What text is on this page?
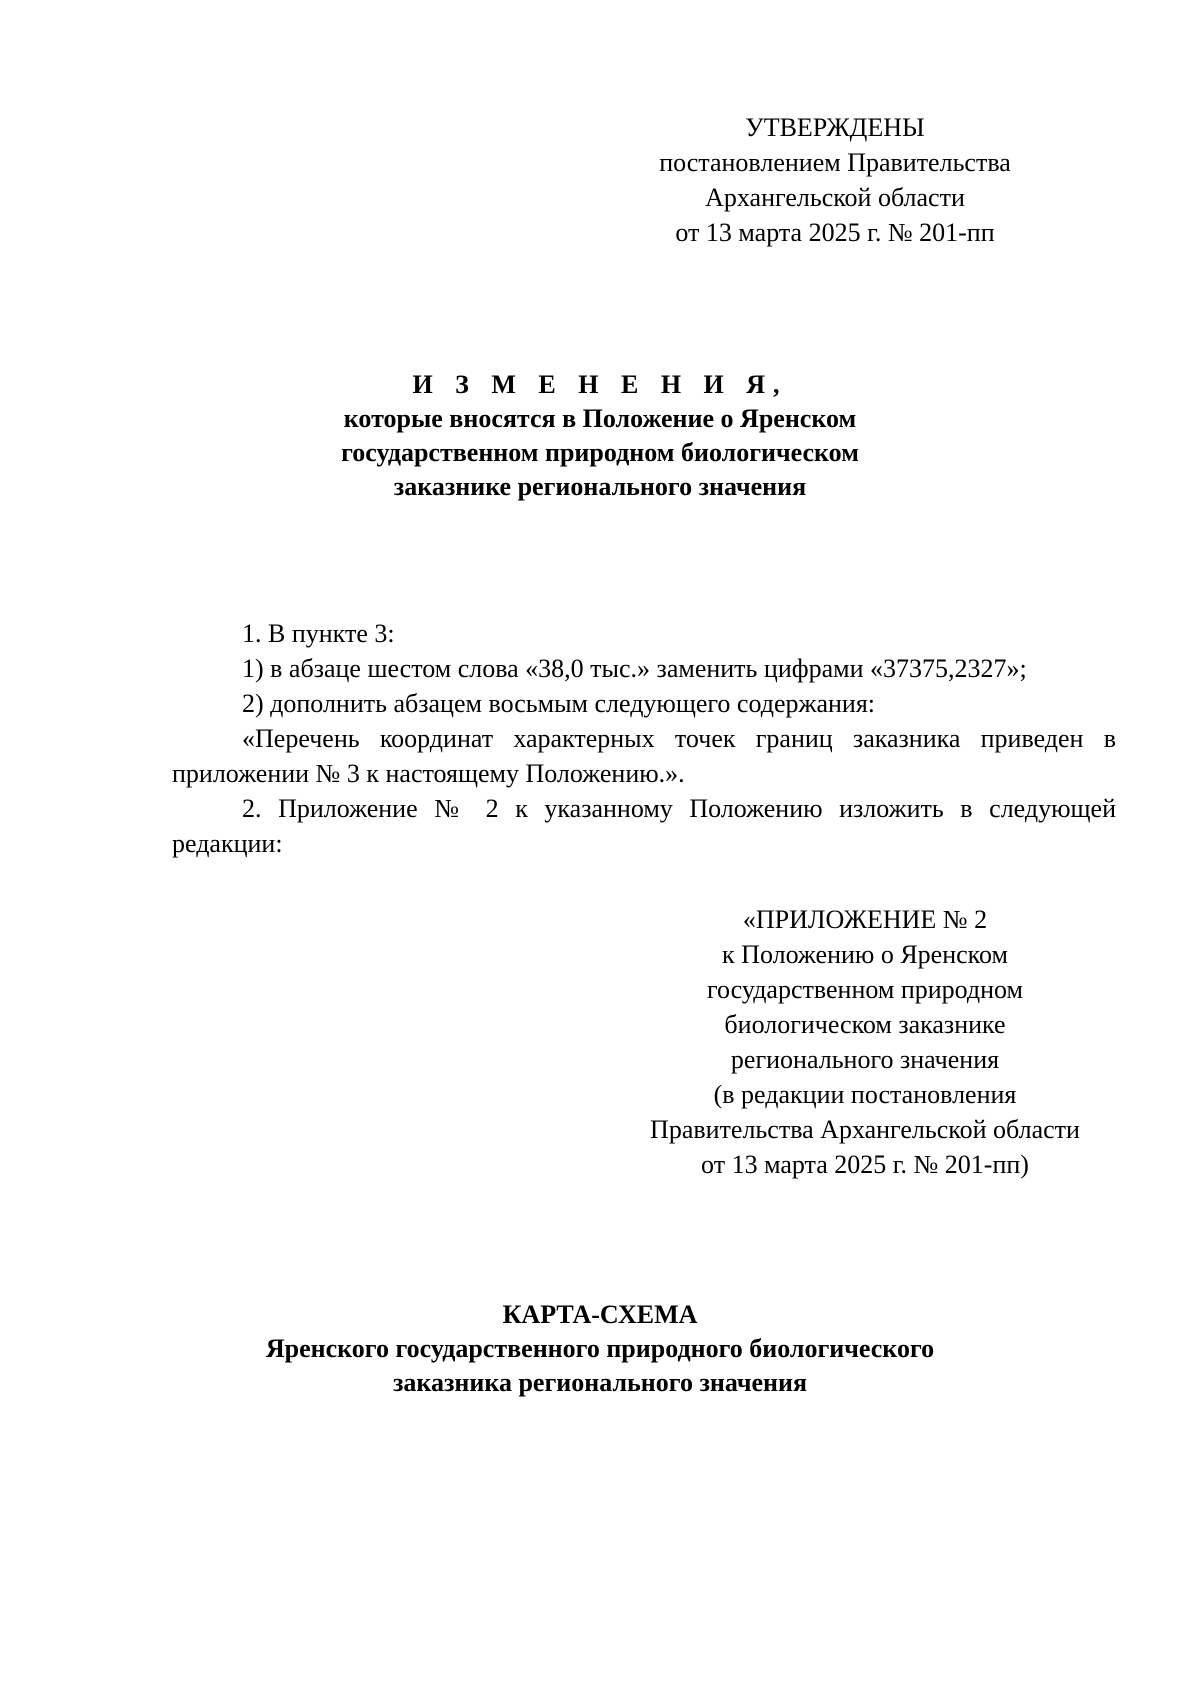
УТВЕРЖДЕНЫ
постановлением Правительства
Архангельской области
от 13 марта 2025 г. № 201-пп
И З М Е Н Е Н И Я,
которые вносятся в Положение о Яренском
государственном природном биологическом
заказнике регионального значения

1. В пункте 3:

1) в абзаце шестом слова «38,0 тыс.» заменить цифрами «37375,2327»;

2) дополнить абзацем восьмым следующего содержания:

«Перечень координат характерных точек границ заказника приведен в приложении № 3 к настоящему Положению.».

2. Приложение № 2 к указанному Положению изложить в следующей редакции:

«ПРИЛОЖЕНИЕ № 2
к Положению о Яренском
государственном природном
биологическом заказнике
регионального значения
(в редакции постановления
Правительства Архангельской области
от 13 марта 2025 г. № 201-пп)
КАРТА-СХЕМА
Яренского государственного природного биологического
заказника регионального значения
